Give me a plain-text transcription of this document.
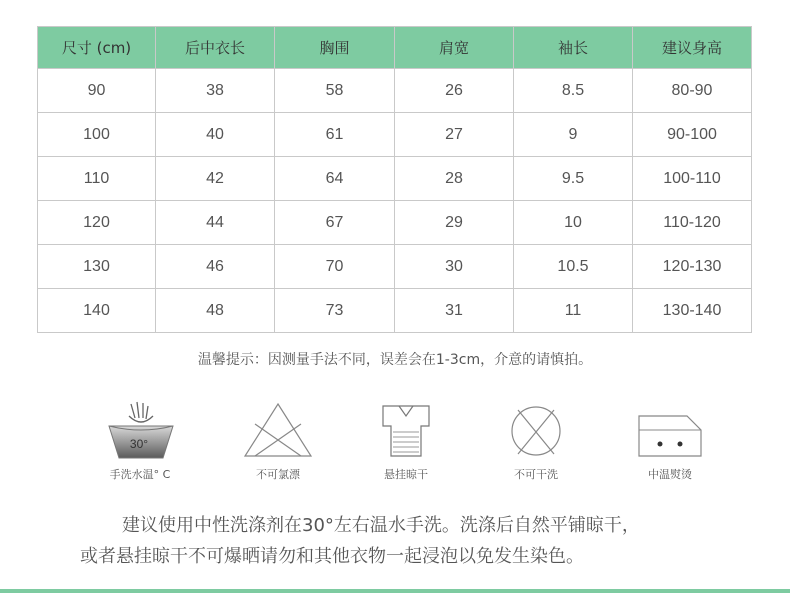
尺寸 (cm)	后中衣长	胸围	肩宽	袖长	建议身高
90	38	58	26	8.5	80-90
100	40	61	27	9	90-100
110	42	64	28	9.5	100-110
120	44	67	29	10	110-120
130	46	70	30	10.5	120-130
140	48	73	31	11	130-140
温馨提示：因测量手法不同，误差会在1-3cm，介意的请慎拍。
30°
手洗水温° C	不可氯漂	悬挂晾干	不可干洗	中温熨烫
建议使用中性洗涤剂在30°左右温水手洗。洗涤后自然平铺晾干，
或者悬挂晾干不可爆晒请勿和其他衣物一起浸泡以免发生染色。
